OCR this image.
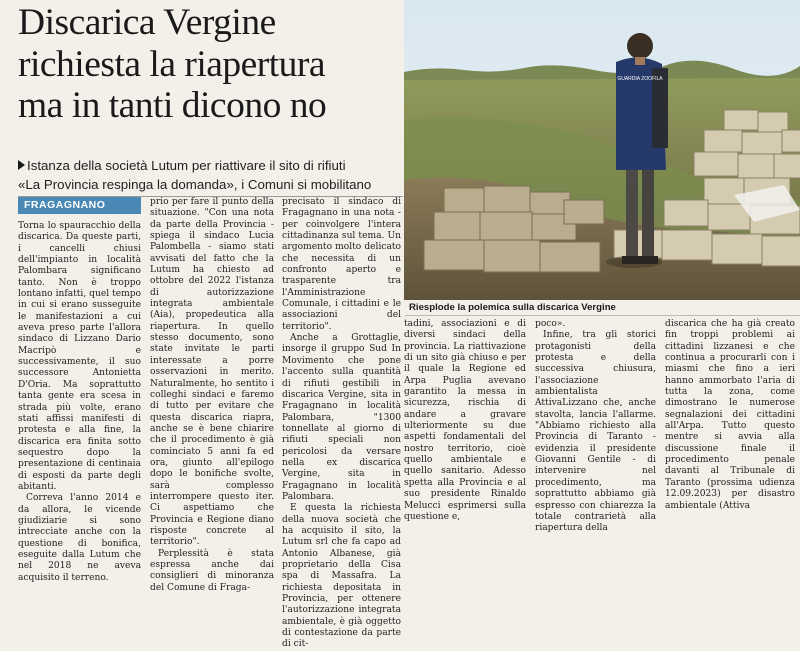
Discarica Vergine
richiesta la riapertura
ma in tanti dicono no
Istanza della società Lutum per riattivare il sito di rifiuti
«La Provincia respinga la domanda», i Comuni si mobilitano
FRAGAGNANO

Torna lo spauracchio della discarica. Da queste parti, i cancelli chiusi dell'impianto in località Palombara significano tanto. Non è troppo lontano infatti, quel tempo in cui si erano susseguite le manifestazioni a cui aveva preso parte l'allora sindaco di Lizzano Dario Macripò e successivamente, il suo successore Antonietta D'Oria. Ma soprattutto tanta gente era scesa in strada più volte, erano stati affissi manifesti di protesta e alla fine, la discarica era finita sotto sequestro dopo la presentazione di centinaia di esposti da parte degli abitanti.

Correva l'anno 2014 e da allora, le vicende giudiziarie si sono intrecciate anche con la questione di bonifica, eseguite dalla Lutum che nel 2018 ne aveva acquisito il terreno.

prio per fare il punto della situazione. "Con una nota da parte della Provincia - spiega il sindaco Lucia Palombella - siamo stati avvisati del fatto che la Lutum ha chiesto ad ottobre del 2022 l'istanza di autorizzazione integrata ambientale (Aia), propedeutica alla riapertura. In quello stesso documento, sono state invitate le parti interessate a porre osservazioni in merito. Naturalmente, ho sentito i colleghi sindaci e faremo di tutto per evitare che questa discarica riapra, anche se è bene chiarire che il procedimento è già cominciato 5 anni fa ed ora, giunto all'epilogo dopo le bonifiche svolte, sarà complesso interrompere questo iter. Ci aspettiamo che Provincia e Regione diano risposte concrete al territorio".

Perplessità è stata espressa anche dai consiglieri di minoranza del Comune di Fraga-

precisato il sindaco di Fragagnano in una nota - per coinvolgere l'intera cittadinanza sul tema. Un argomento molto delicato che necessita di un confronto aperto e trasparente tra l'Amministrazione Comunale, i cittadini e le associazioni del territorio".

Anche a Grottaglie, insorge il gruppo Sud In Movimento che pone l'accento sulla quantità di rifiuti gestibili in discarica Vergine, sita in Fragagnano in località Palombara, "1300 tonnellate al giorno di rifiuti speciali non pericolosi da versare nella ex discarica Vergine, sita in Fragagnano in località Palombara.

E questa la richiesta della nuova società che ha acquisito il sito, la Lutum srl che fa capo ad Antonio Albanese, già proprietario della Cisa spa di Massafra. La richiesta depositata in Provincia, per ottenere l'autorizzazione integrata ambientale, è già oggetto di contestazione da parte di cit-

GUARDIA ZOOFILA
Riesplode la polemica sulla discarica Vergine

tadini, associazioni e di diversi sindaci della provincia. La riattivazione di un sito già chiuso e per il quale la Regione ed Arpa Puglia avevano garantito la messa in sicurezza, rischia di andare a gravare ulteriormente su due aspetti fondamentali del nostro territorio, cioè quello ambientale e quello sanitario. Adesso spetta alla Provincia e al suo presidente Rinaldo Melucci esprimersi sulla questione e,

poco».

Infine, tra gli storici protagonisti della protesta e della successiva chiusura, l'associazione ambientalista AttivaLizzano che, anche stavolta, lancia l'allarme. "Abbiamo richiesto alla Provincia di Taranto - evidenzia il presidente Giovanni Gentile - di intervenire nel procedimento, ma soprattutto abbiamo già espresso con chiarezza la totale contrarietà alla riapertura della

discarica che ha già creato fin troppi problemi ai cittadini lizzanesi e che continua a procurarli con i miasmi che fino a ieri hanno ammorbato l'aria di tutta la zona, come dimostrano le numerose segnalazioni dei cittadini all'Arpa. Tutto questo mentre si avvia alla discussione finale il procedimento penale davanti al Tribunale di Taranto (prossima udienza 12.09.2023) per disastro ambientale (Attiva
